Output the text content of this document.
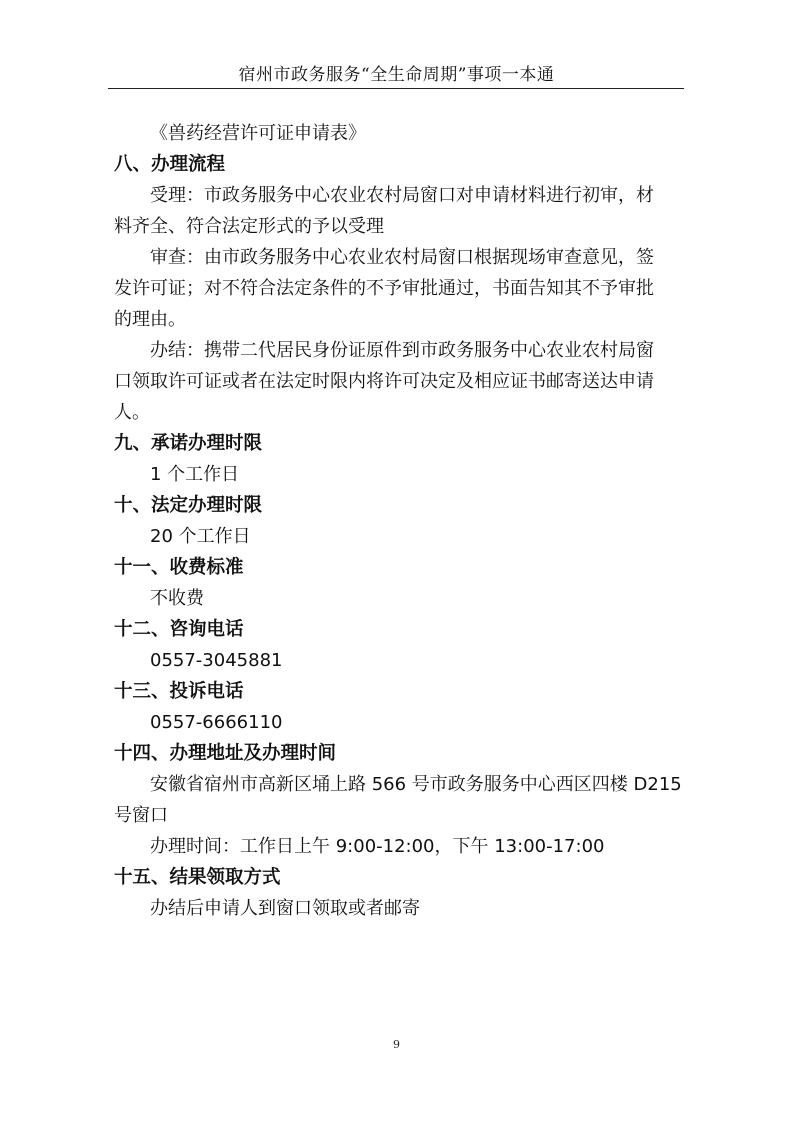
宿州市政务服务“全生命周期”事项一本通
《兽药经营许可证申请表》
八、办理流程
受理：市政务服务中心农业农村局窗口对申请材料进行初审，材
料齐全、符合法定形式的予以受理
审查：由市政务服务中心农业农村局窗口根据现场审查意见，签
发许可证；对不符合法定条件的不予审批通过，书面告知其不予审批
的理由。
办结：携带二代居民身份证原件到市政务服务中心农业农村局窗
口领取许可证或者在法定时限内将许可决定及相应证书邮寄送达申请
人。
九、承诺办理时限
1 个工作日
十、法定办理时限
20 个工作日
十一、收费标准
不收费
十二、咨询电话
0557-3045881
十三、投诉电话
0557-6666110
十四、办理地址及办理时间
安徽省宿州市高新区埇上路 566 号市政务服务中心西区四楼 D215
号窗口
办理时间：工作日上午 9:00-12:00，下午 13:00-17:00
十五、结果领取方式
办结后申请人到窗口领取或者邮寄
9
